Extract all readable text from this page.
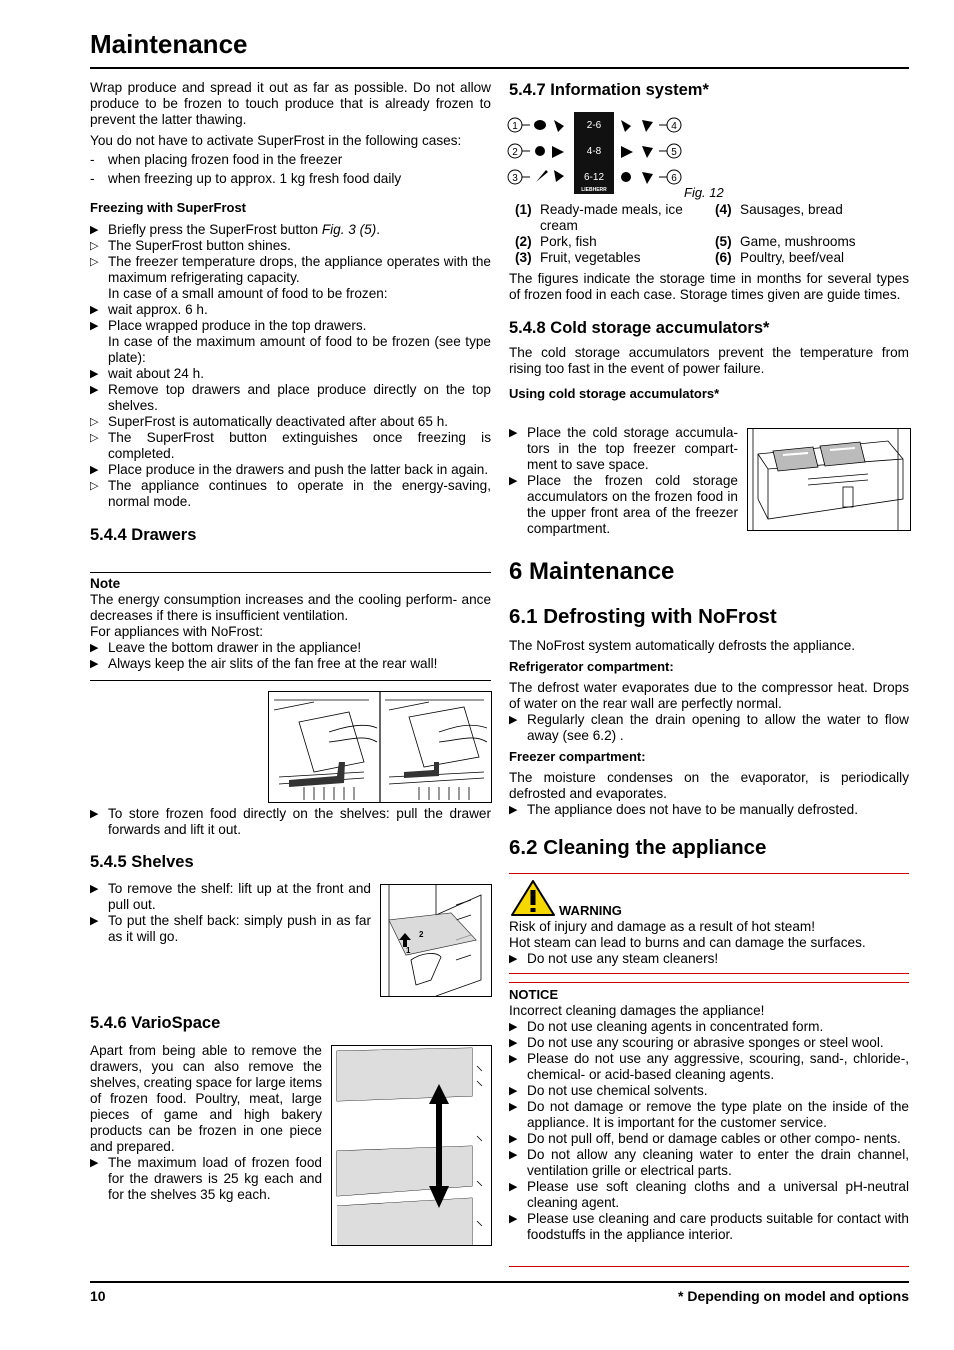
Maintenance

Wrap produce and spread it out as far as possible. Do not allow produce to be frozen to touch produce that is already frozen to prevent the latter thawing.

You do not have to activate SuperFrost in the following cases:

- when placing frozen food in the freezer
- when freezing up to approx. 1 kg fresh food daily

Freezing with SuperFrost

▶ Briefly press the SuperFrost button Fig. 3 (5).
▷ The SuperFrost button shines.
▷ The freezer temperature drops, the appliance operates with the maximum refrigerating capacity.
In case of a small amount of food to be frozen:
▶ wait approx. 6 h.
▶ Place wrapped produce in the top drawers.
In case of the maximum amount of food to be frozen (see type plate):
▶ wait about 24 h.
▶ Remove top drawers and place produce directly on the top shelves.
▷ SuperFrost is automatically deactivated after about 65 h.
▷ The SuperFrost button extinguishes once freezing is completed.
▶ Place produce in the drawers and push the latter back in again.
▷ The appliance continues to operate in the energy-saving, normal mode.

5.4.4 Drawers

Note

The energy consumption increases and the cooling perform- ance decreases if there is insufficient ventilation.

For appliances with NoFrost:

▶ Leave the bottom drawer in the appliance!
▶ Always keep the air slits of the fan free at the rear wall!
▶ To store frozen food directly on the shelves: pull the drawer forwards and lift it out.

5.4.5 Shelves

▶ To remove the shelf: lift up at the front and pull out.
▶ To put the shelf back: simply push in as far as it will go.	2
1

5.4.6 VarioSpace

Apart from being able to remove the drawers, you can also remove the shelves, creating space for large items of frozen food. Poultry, meat, large pieces of game and high bakery products can be frozen in one piece and prepared.

▶ The maximum load of frozen food for the drawers is 25 kg each and for the shelves 35 kg each.

5.4.7 Information system*

1
2
3
4
5
6
2-6
4-8
6-12
LIEBHERR	Fig. 12
(1)	Ready-made meals, ice cream	(4)	Sausages, bread
(2)	Pork, fish	(5)	Game, mushrooms
(3)	Fruit, vegetables	(6)	Poultry, beef/veal

The figures indicate the storage time in months for several types of frozen food in each case. Storage times given are guide times.

5.4.8 Cold storage accumulators*

The cold storage accumulators prevent the temperature from rising too fast in the event of power failure.

Using cold storage accumulators*

▶ Place the cold storage accumula- tors in the top freezer compart- ment to save space.
▶ Place the frozen cold storage accumulators on the frozen food in the upper front area of the freezer compartment.

6 Maintenance

6.1 Defrosting with NoFrost

The NoFrost system automatically defrosts the appliance.

Refrigerator compartment:

The defrost water evaporates due to the compressor heat. Drops of water on the rear wall are perfectly normal.

▶ Regularly clean the drain opening to allow the water to flow away (see 6.2) .

Freezer compartment:

The moisture condenses on the evaporator, is periodically defrosted and evaporates.

▶ The appliance does not have to be manually defrosted.

6.2 Cleaning the appliance

WARNING

Risk of injury and damage as a result of hot steam!

Hot steam can lead to burns and can damage the surfaces.

▶ Do not use any steam cleaners!

NOTICE

Incorrect cleaning damages the appliance!

▶ Do not use cleaning agents in concentrated form.
▶ Do not use any scouring or abrasive sponges or steel wool.
▶ Please do not use any aggressive, scouring, sand-, chloride-, chemical- or acid-based cleaning agents.
▶ Do not use chemical solvents.
▶ Do not damage or remove the type plate on the inside of the appliance. It is important for the customer service.
▶ Do not pull off, bend or damage cables or other compo- nents.
▶ Do not allow any cleaning water to enter the drain channel, ventilation grille or electrical parts.
▶ Please use soft cleaning cloths and a universal pH-neutral cleaning agent.
▶ Please use cleaning and care products suitable for contact with foodstuffs in the appliance interior.
10	* Depending on model and options
